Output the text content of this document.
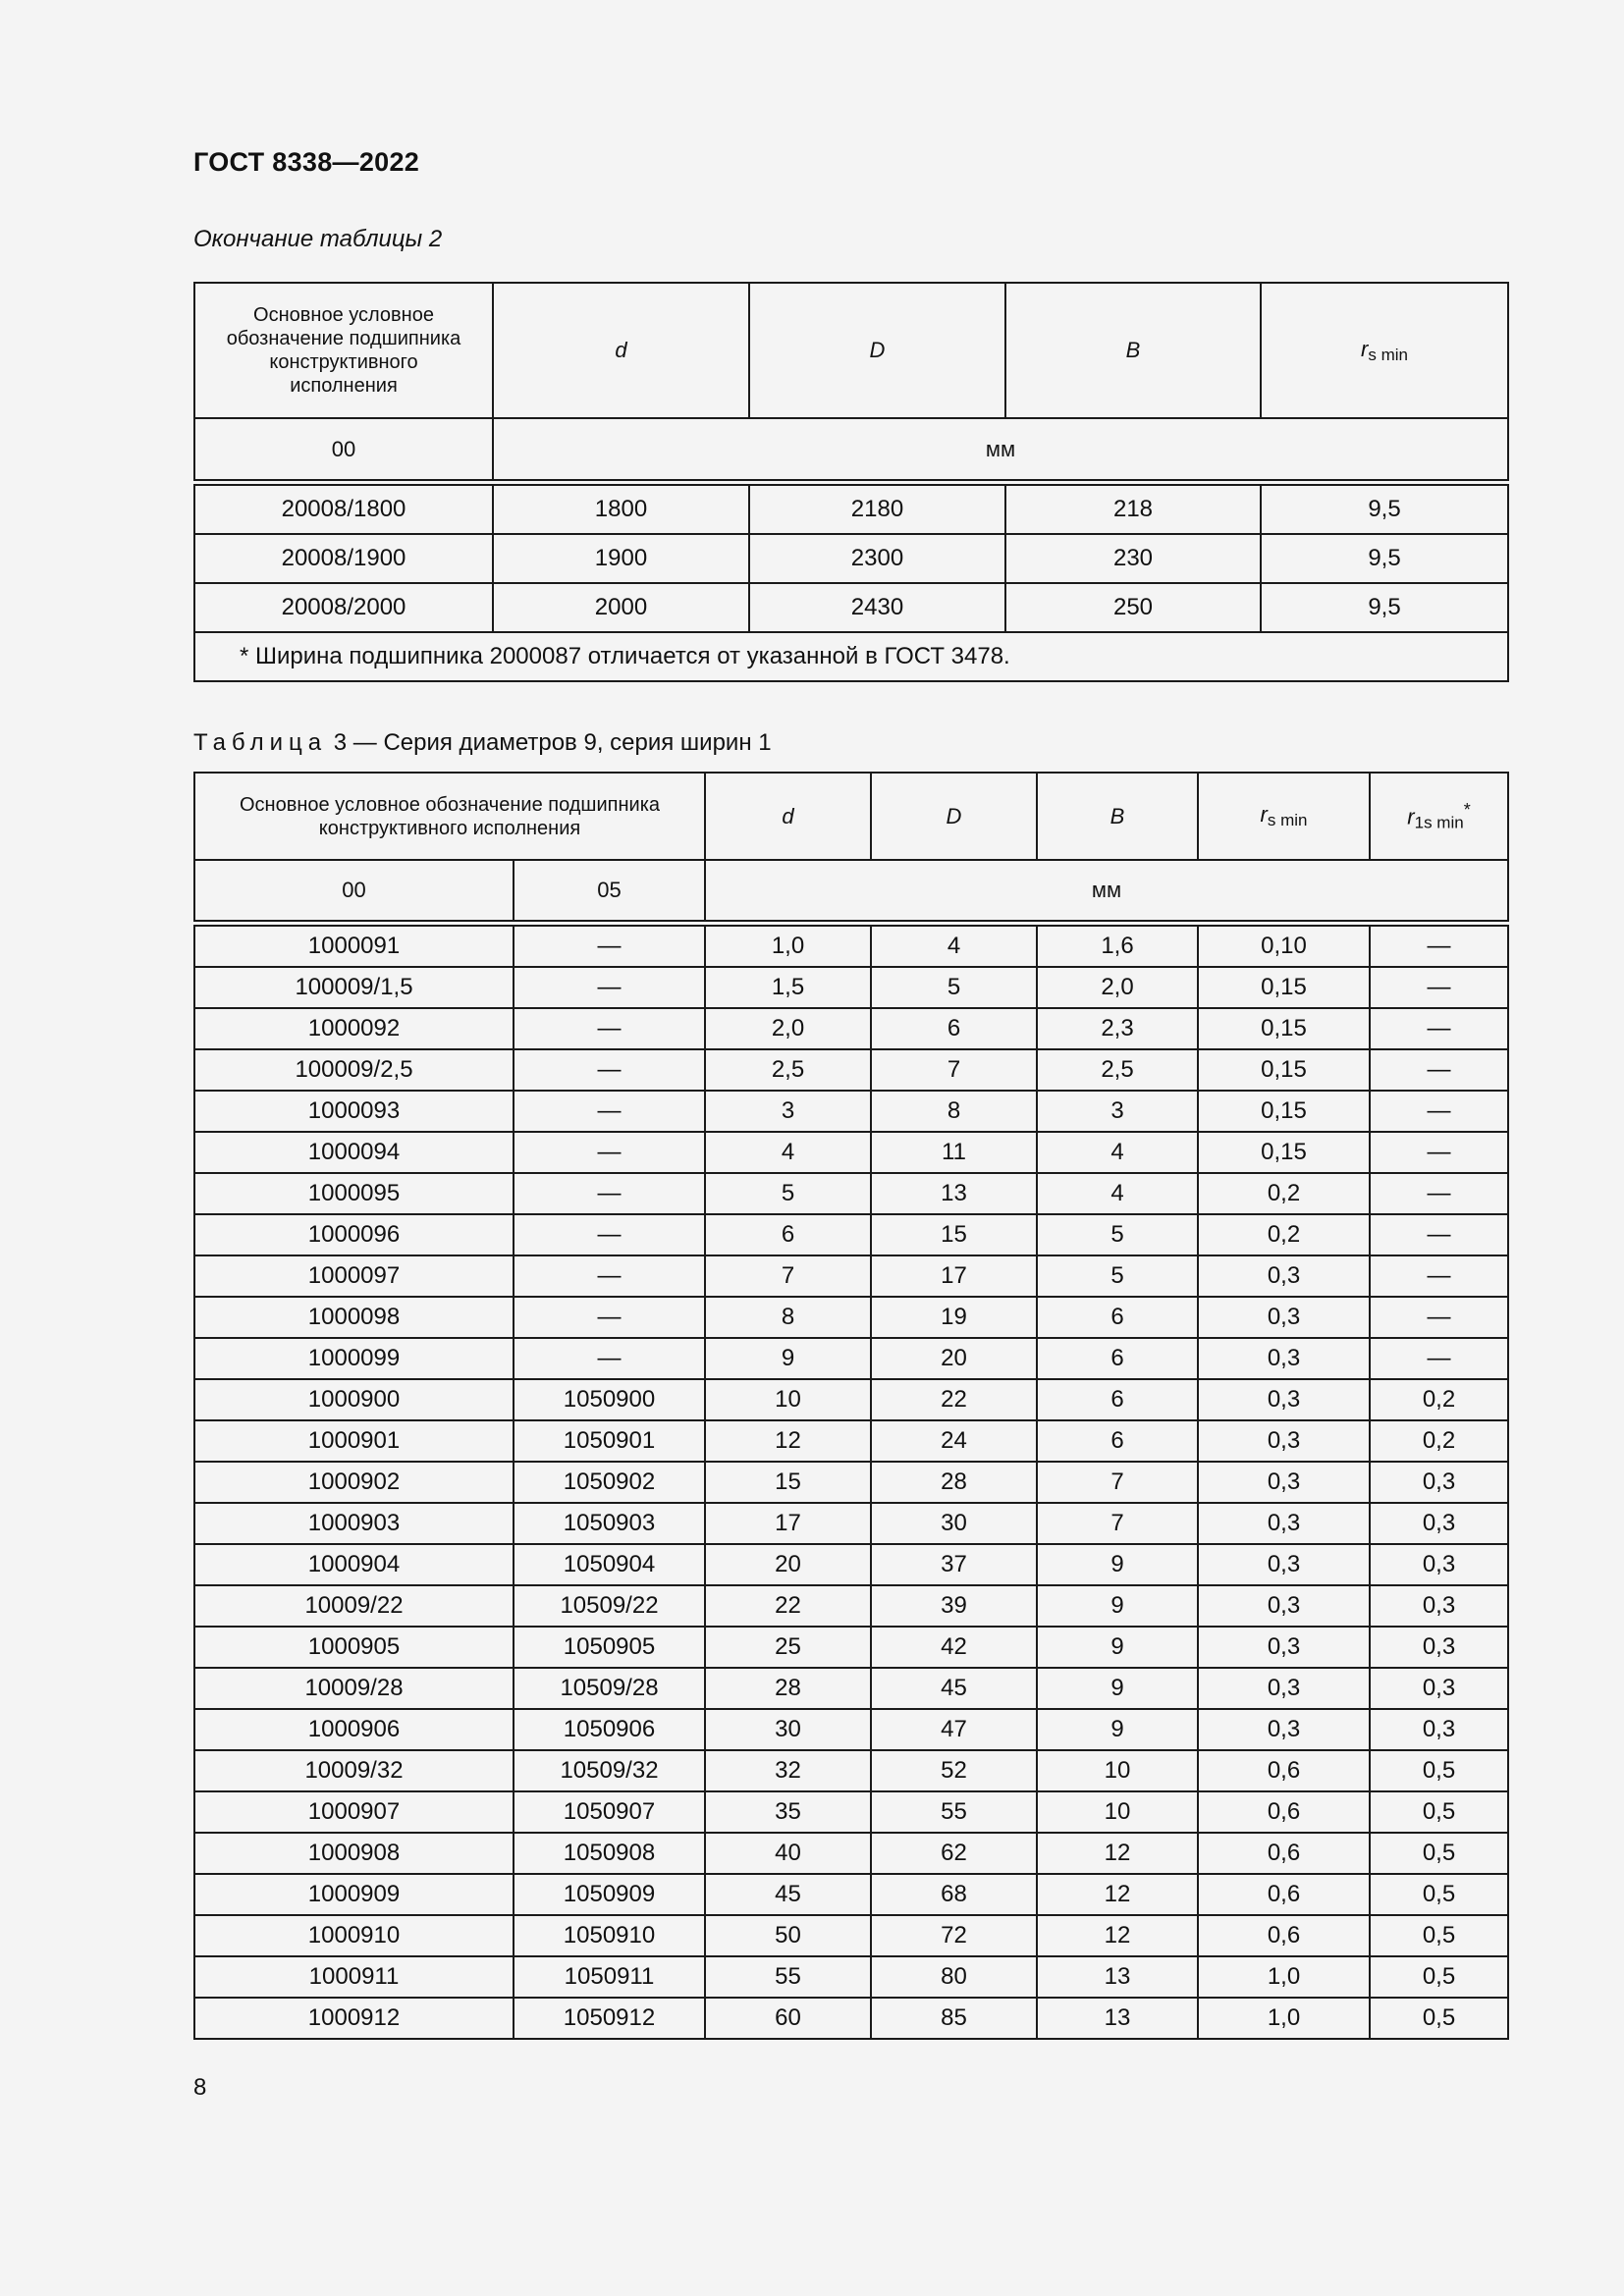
ГОСТ 8338—2022
Окончание таблицы 2
Основное условное обозначение подшипника конструктивного исполнения	d	D	B	$r_{s min}$
00	мм			
20008/1800	1800	2180	218	9,5
20008/1900	1900	2300	230	9,5
20008/2000	2000	2430	250	9,5
* Ширина подшипника 2000087 отличается от указанной в ГОСТ 3478.				
Таблица 3 — Серия диаметров 9, серия ширин 1
Основное условное обозначение подшипника конструктивного исполнения		d	D	B	$r_{s min}$	$r_{1s min}^*$
00	05	мм				
1000091	—	1,0	4	1,6	0,10	—
100009/1,5	—	1,5	5	2,0	0,15	—
1000092	—	2,0	6	2,3	0,15	—
100009/2,5	—	2,5	7	2,5	0,15	—
1000093	—	3	8	3	0,15	—
1000094	—	4	11	4	0,15	—
1000095	—	5	13	4	0,2	—
1000096	—	6	15	5	0,2	—
1000097	—	7	17	5	0,3	—
1000098	—	8	19	6	0,3	—
1000099	—	9	20	6	0,3	—
1000900	1050900	10	22	6	0,3	0,2
1000901	1050901	12	24	6	0,3	0,2
1000902	1050902	15	28	7	0,3	0,3
1000903	1050903	17	30	7	0,3	0,3
1000904	1050904	20	37	9	0,3	0,3
10009/22	10509/22	22	39	9	0,3	0,3
1000905	1050905	25	42	9	0,3	0,3
10009/28	10509/28	28	45	9	0,3	0,3
1000906	1050906	30	47	9	0,3	0,3
10009/32	10509/32	32	52	10	0,6	0,5
1000907	1050907	35	55	10	0,6	0,5
1000908	1050908	40	62	12	0,6	0,5
1000909	1050909	45	68	12	0,6	0,5
1000910	1050910	50	72	12	0,6	0,5
1000911	1050911	55	80	13	1,0	0,5
1000912	1050912	60	85	13	1,0	0,5
8
